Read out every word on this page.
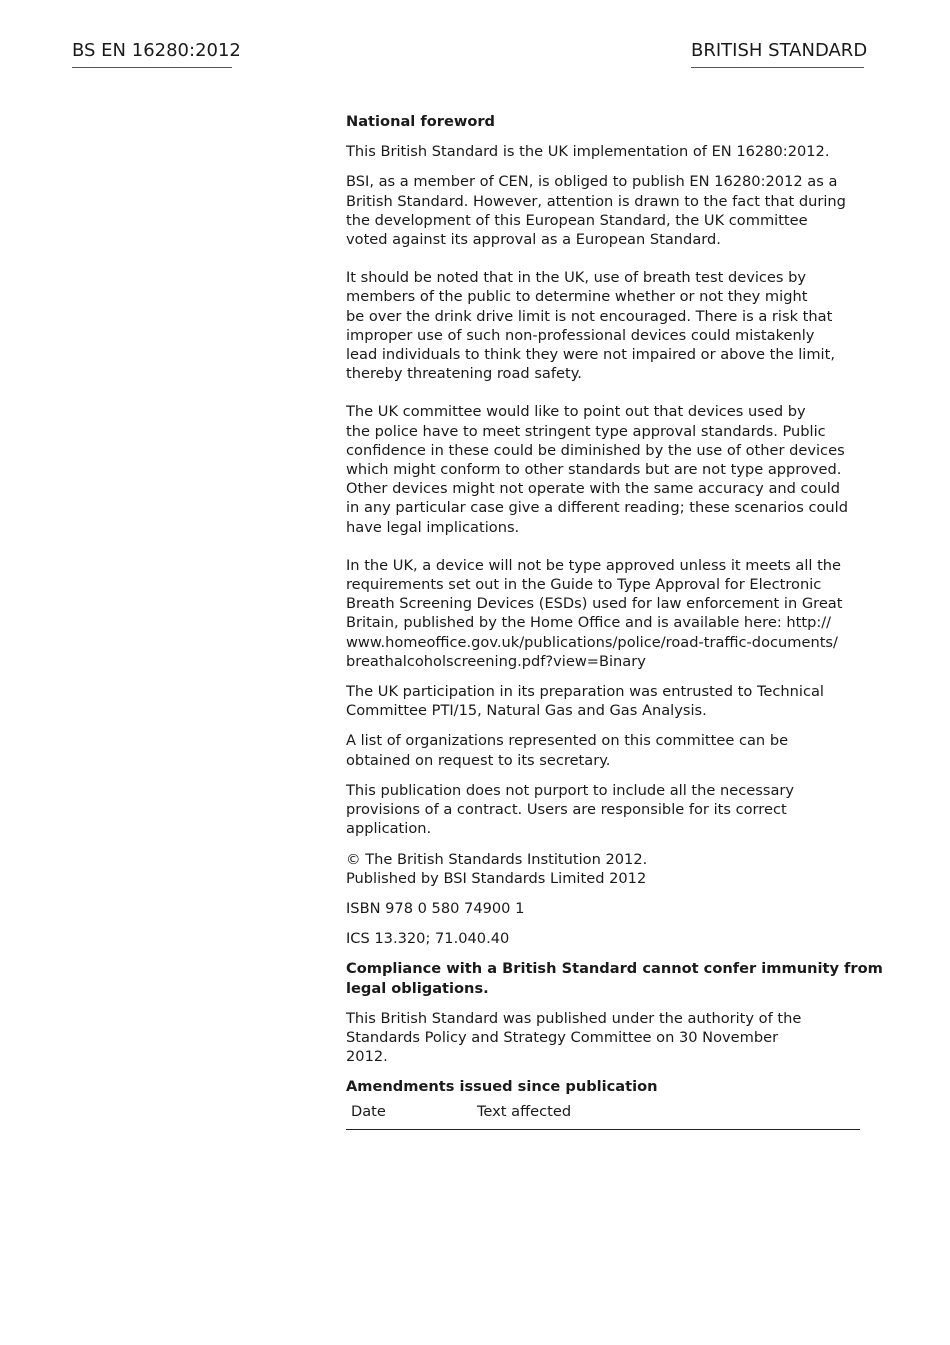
BS EN 16280:2012	BRITISH STANDARD
National foreword

This British Standard is the UK implementation of EN 16280:2012.

BSI, as a member of CEN, is obliged to publish EN 16280:2012 as a
British Standard. However, attention is drawn to the fact that during
the development of this European Standard, the UK committee
voted against its approval as a European Standard.

It should be noted that in the UK, use of breath test devices by
members of the public to determine whether or not they might
be over the drink drive limit is not encouraged. There is a risk that
improper use of such non-professional devices could mistakenly
lead individuals to think they were not impaired or above the limit,
thereby threatening road safety.

The UK committee would like to point out that devices used by
the police have to meet stringent type approval standards. Public
confidence in these could be diminished by the use of other devices
which might conform to other standards but are not type approved.
Other devices might not operate with the same accuracy and could
in any particular case give a different reading; these scenarios could
have legal implications.

In the UK, a device will not be type approved unless it meets all the
requirements set out in the Guide to Type Approval for Electronic
Breath Screening Devices (ESDs) used for law enforcement in Great
Britain, published by the Home Office and is available here: http://
www.homeoffice.gov.uk/publications/police/road-traffic-documents/
breathalcoholscreening.pdf?view=Binary

The UK participation in its preparation was entrusted to Technical
Committee PTI/15, Natural Gas and Gas Analysis.

A list of organizations represented on this committee can be
obtained on request to its secretary.

This publication does not purport to include all the necessary
provisions of a contract. Users are responsible for its correct
application.

© The British Standards Institution 2012.
Published by BSI Standards Limited 2012

ISBN 978 0 580 74900 1

ICS 13.320; 71.040.40

Compliance with a British Standard cannot confer immunity from
legal obligations.

This British Standard was published under the authority of the
Standards Policy and Strategy Committee on 30 November
2012.

Amendments issued since publication
Date	Text affected
